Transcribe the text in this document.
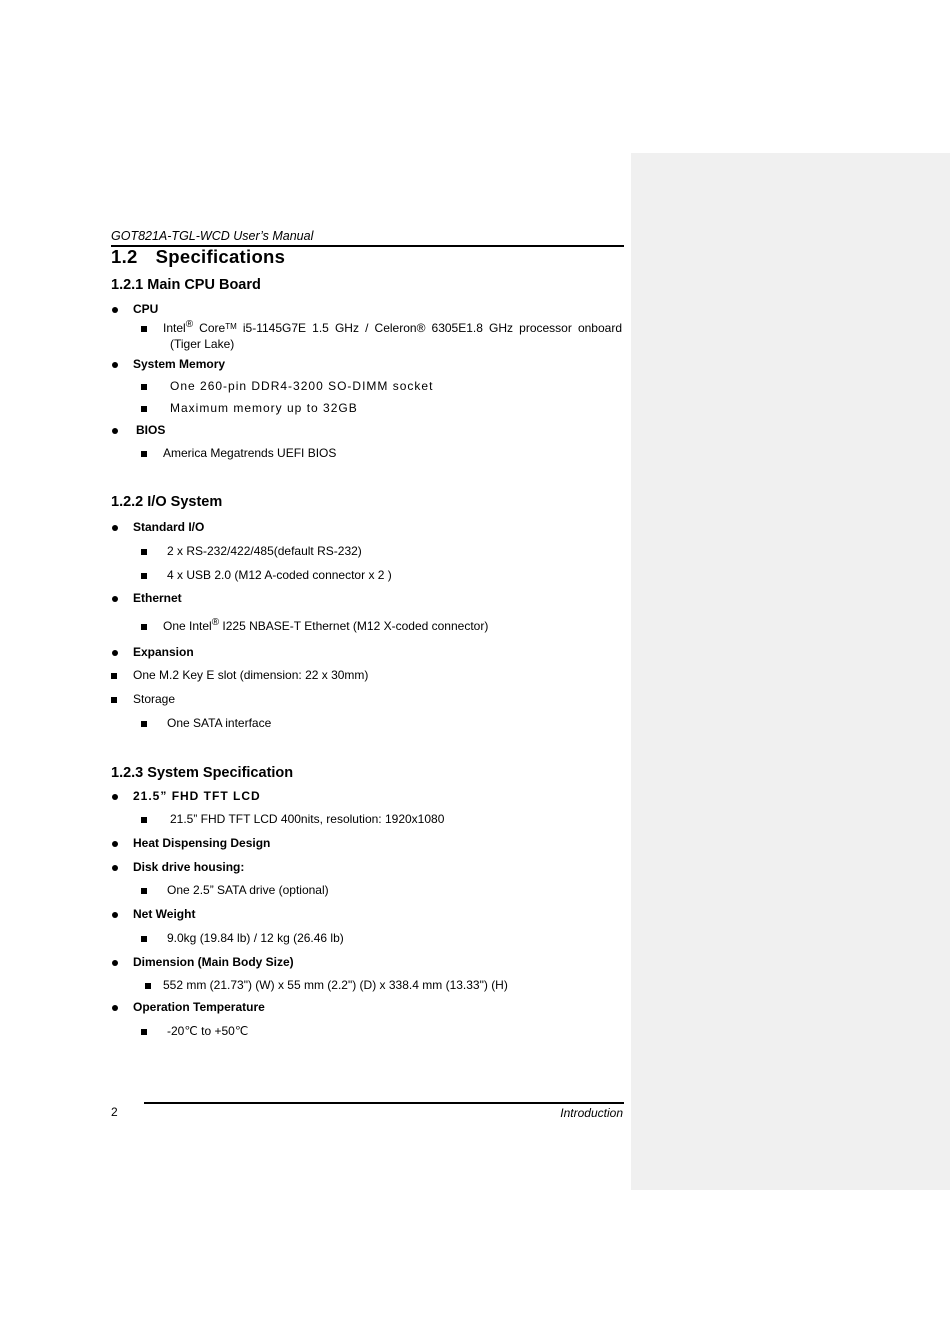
GOT821A-TGL-WCD User’s Manual
1.2 Specifications
1.2.1 Main CPU Board
CPU
Intel® Core™ i5-1145G7E 1.5 GHz / Celeron® 6305E1.8 GHz processor onboard
(Tiger Lake)
System Memory
One 260-pin DDR4-3200 SO-DIMM socket
Maximum memory up to 32GB
BIOS
America Megatrends UEFI BIOS
1.2.2 I/O System
Standard I/O
2 x RS-232/422/485(default RS-232)
4 x USB 2.0 (M12 A-coded connector x 2 )
Ethernet
One Intel® I225 NBASE-T Ethernet (M12 X-coded connector)
Expansion
One M.2 Key E slot (dimension: 22 x 30mm)
Storage
One SATA interface
1.2.3 System Specification
21.5” FHD TFT LCD
21.5” FHD TFT LCD 400nits, resolution: 1920x1080
Heat Dispensing Design
Disk drive housing:
One 2.5” SATA drive (optional)
Net Weight
9.0kg (19.84 lb) / 12 kg (26.46 lb)
Dimension (Main Body Size)
552 mm (21.73") (W) x 55 mm (2.2") (D) x 338.4 mm (13.33") (H)
Operation Temperature
-20℃ to +50℃
2	Introduction
